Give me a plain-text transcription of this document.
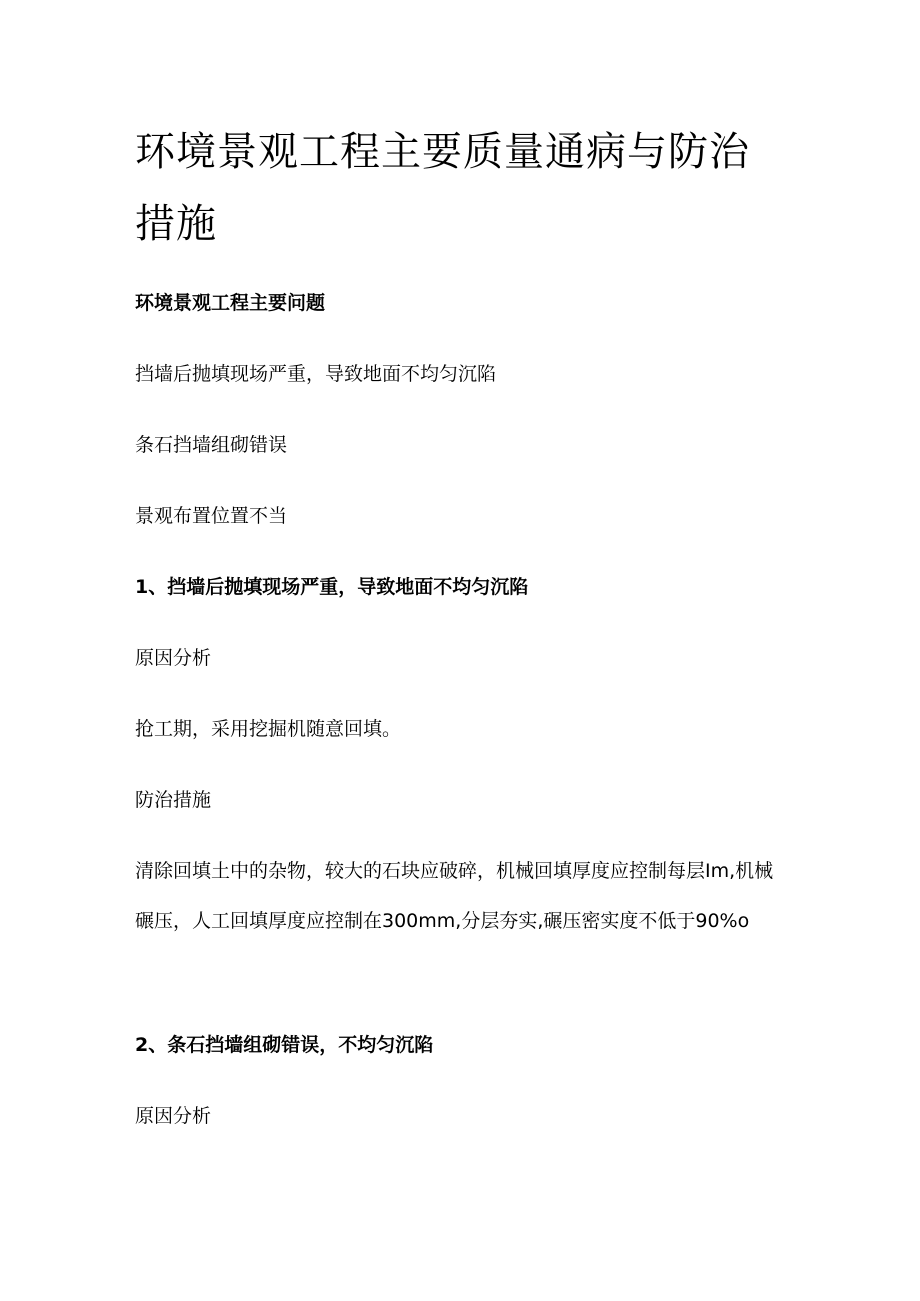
环境景观工程主要质量通病与防治措施

环境景观工程主要问题

挡墙后抛填现场严重，导致地面不均匀沉陷

条石挡墙组砌错误

景观布置位置不当

1、挡墙后抛填现场严重，导致地面不均匀沉陷

原因分析

抢工期，采用挖掘机随意回填。

防治措施

清除回填土中的杂物，较大的石块应破碎，机械回填厚度应控制每层Im,机械碾压，人工回填厚度应控制在300mm,分层夯实,碾压密实度不低于90%o

2、条石挡墙组砌错误，不均匀沉陷

原因分析
